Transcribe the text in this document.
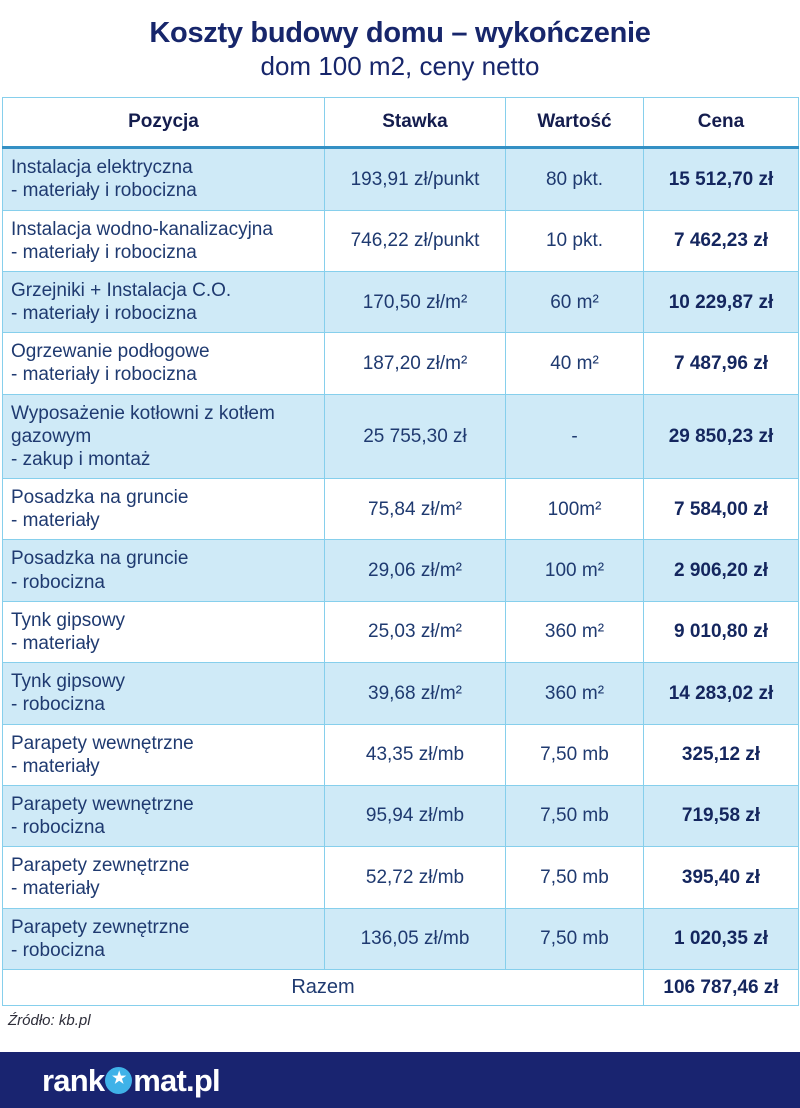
Koszty budowy domu – wykończenie
dom 100 m2, ceny netto
Pozycja	Stawka	Wartość	Cena

Instalacja elektryczna
- materiały i robocizna	193,91 zł/punkt	80 pkt.	15 512,70 zł

Instalacja wodno-kanalizacyjna
- materiały i robocizna	746,22 zł/punkt	10 pkt.	7 462,23 zł

Grzejniki + Instalacja C.O.
- materiały i robocizna	170,50 zł/m²	60 m²	10 229,87 zł

Ogrzewanie podłogowe
- materiały i robocizna	187,20 zł/m²	40 m²	7 487,96 zł

Wyposażenie kotłowni z kotłem gazowym
- zakup i montaż	25 755,30 zł	-	29 850,23 zł

Posadzka na gruncie
- materiały	75,84 zł/m²	100m²	7 584,00 zł

Posadzka na gruncie
- robocizna	29,06 zł/m²	100 m²	2 906,20 zł

Tynk gipsowy
- materiały	25,03 zł/m²	360 m²	9 010,80 zł

Tynk gipsowy
- robocizna	39,68 zł/m²	360 m²	14 283,02 zł

Parapety wewnętrzne
- materiały	43,35 zł/mb	7,50 mb	325,12 zł

Parapety wewnętrzne
- robocizna	95,94 zł/mb	7,50 mb	719,58 zł

Parapety zewnętrzne
- materiały	52,72 zł/mb	7,50 mb	395,40 zł

Parapety zewnętrzne
- robocizna	136,05 zł/mb	7,50 mb	1 020,35 zł
Razem			106 787,46 zł
Źródło: kb.pl
rank ★ mat.pl
